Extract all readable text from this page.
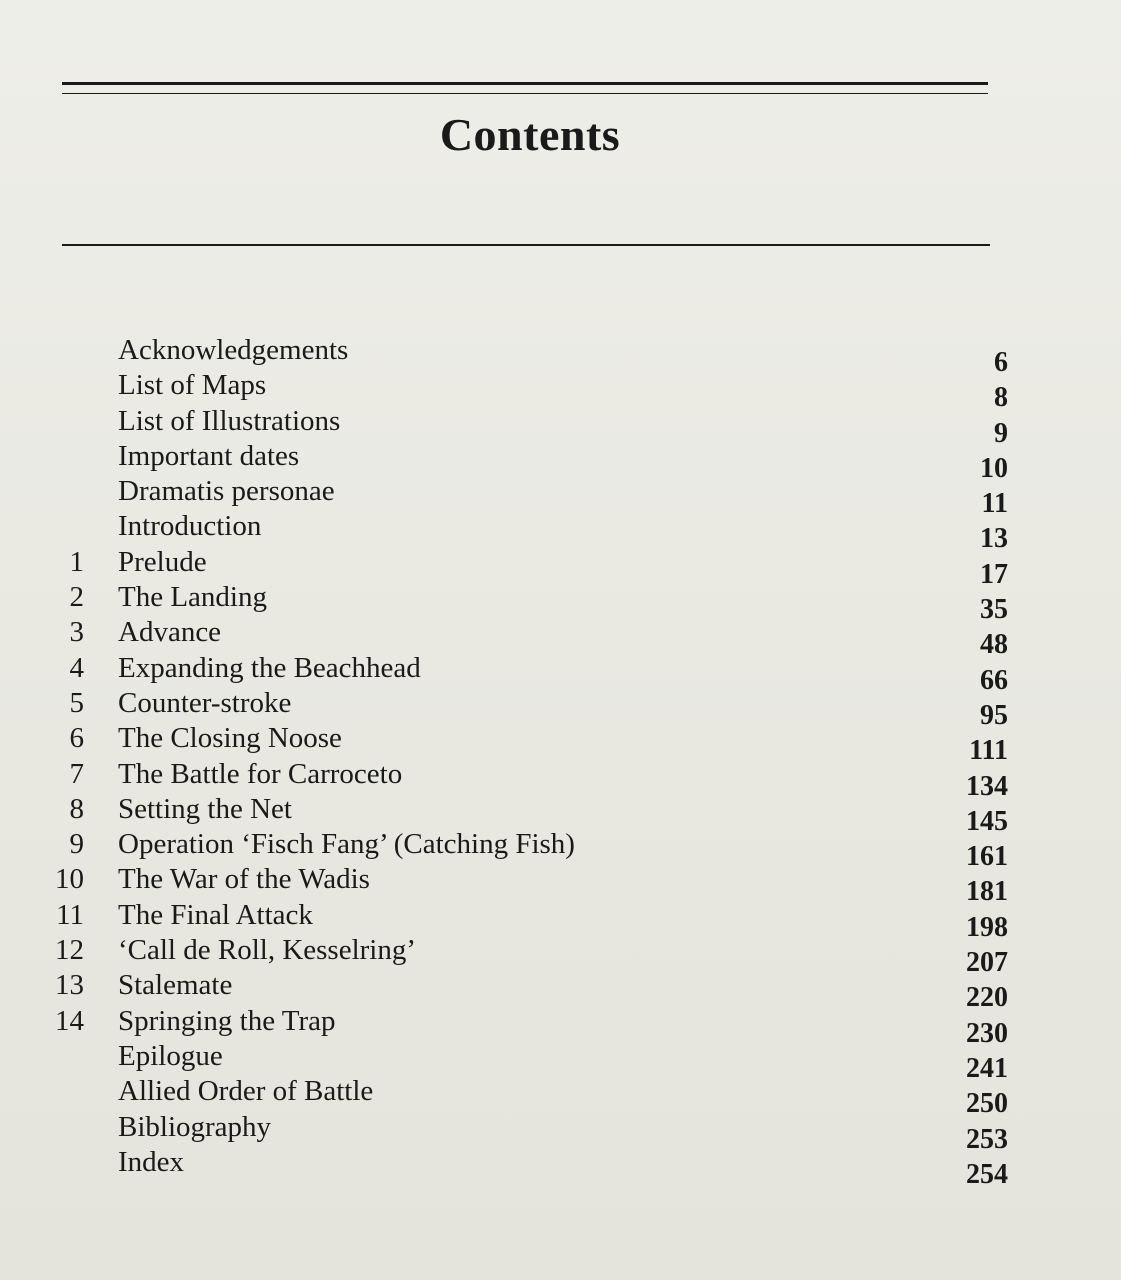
Contents
Acknowledgements	6
List of Maps	8
List of Illustrations	9
Important dates	10
Dramatis personae	11
Introduction	13
1 Prelude	17
2 The Landing	35
3 Advance	48
4 Expanding the Beachhead	66
5 Counter-stroke	95
6 The Closing Noose	111
7 The Battle for Carroceto	134
8 Setting the Net	145
9 Operation ‘Fisch Fang’ (Catching Fish)	161
10 The War of the Wadis	181
11 The Final Attack	198
12 ‘Call de Roll, Kesselring’	207
13 Stalemate	220
14 Springing the Trap	230
Epilogue	241
Allied Order of Battle	250
Bibliography	253
Index	254
